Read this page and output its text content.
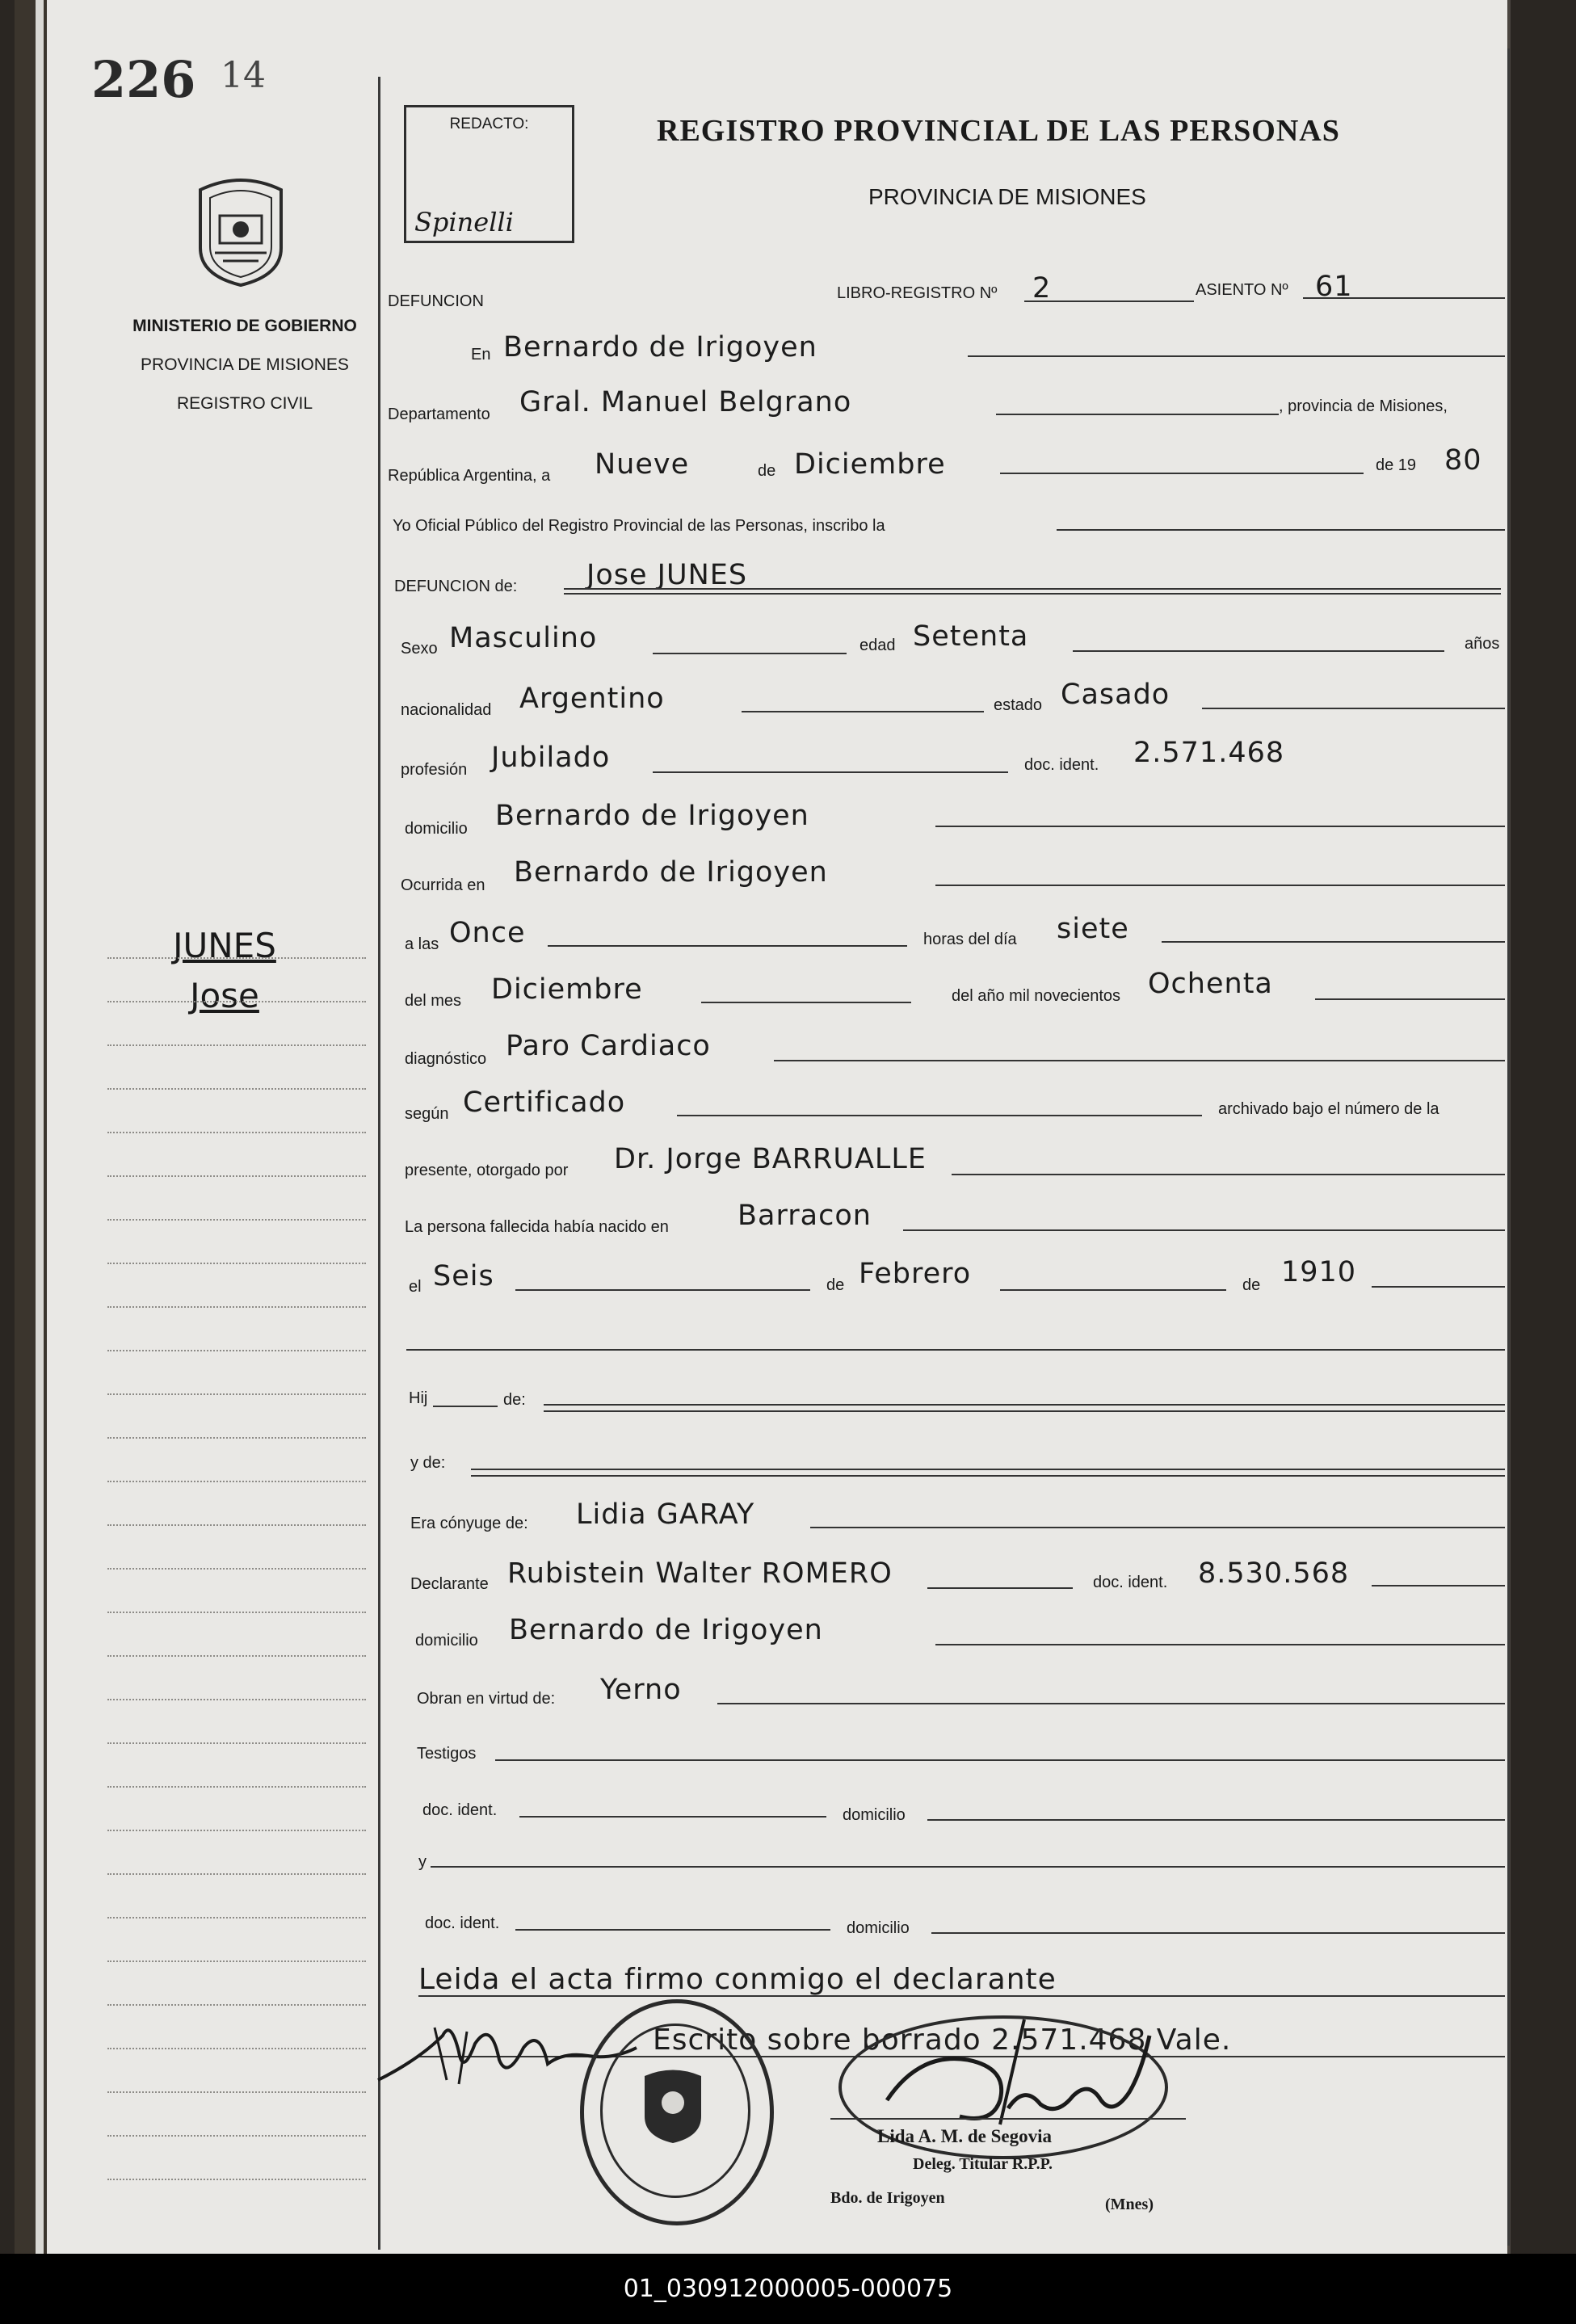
226 14
MINISTERIO DE GOBIERNO
PROVINCIA DE MISIONES
REGISTRO CIVIL
JUNES
Jose
REDACTO:
Spinelli
REGISTRO PROVINCIAL DE LAS PERSONAS
PROVINCIA DE MISIONES
DEFUNCION	LIBRO-REGISTRO Nº 2	ASIENTO Nº 61
En Bernardo de Irigoyen
Departamento Gral. Manuel Belgrano	, provincia de Misiones,
República Argentina, a Nueve	de Diciembre	de 19 80
Yo Oficial Público del Registro Provincial de las Personas, inscribo la
DEFUNCION de: Jose JUNES
Sexo Masculino	edad Setenta	años
nacionalidad Argentino	estado Casado
profesión Jubilado	doc. ident. 2.571.468
domicilio Bernardo de Irigoyen
Ocurrida en Bernardo de Irigoyen
a las Once	horas del día siete
del mes Diciembre	del año mil novecientos Ochenta
diagnóstico Paro Cardiaco
según Certificado	archivado bajo el número de la
presente, otorgado por Dr. Jorge BARRUALLE
La persona fallecida había nacido en Barracon
el Seis	de Febrero	de 1910
Hij	de:
y de:
Era cónyuge de: Lidia GARAY
Declarante Rubistein Walter ROMERO	doc. ident. 8.530.568
domicilio Bernardo de Irigoyen
Obran en virtud de: Yerno
Testigos
doc. ident.	domicilio
y
doc. ident.	domicilio
Leida el acta firmo conmigo el declarante
Escrito sobre borrado 2.571.468 Vale.
Lida A. M. de Segovia
Deleg. Titular R.P.P.
Bdo. de Irigoyen	(Mnes)
01_030912000005-000075
